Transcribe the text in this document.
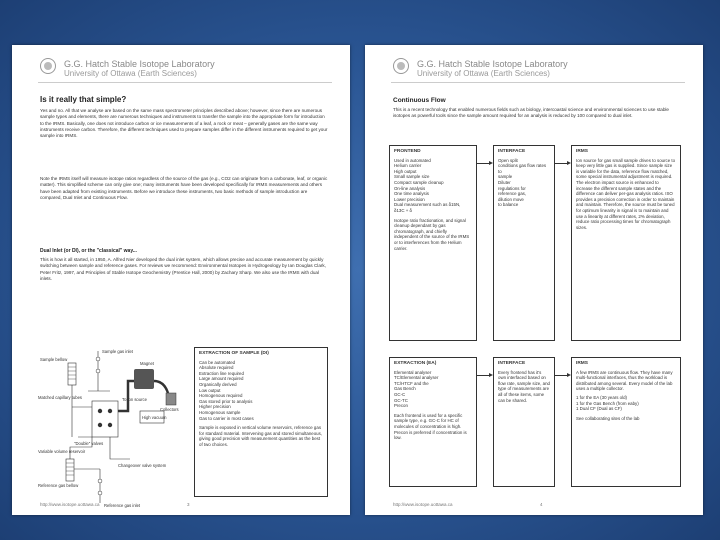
G.G. Hatch Stable Isotope Laboratory
University of Ottawa (Earth Sciences)
Is it really that simple?
Yes and no. All that we analyse are based on the same mass spectrometer principles described above; however, since there are numerous sample types and elements, there are numerous techniques and instruments to transfer the sample into the appropriate form for introduction to the IRMS. Basically, one does not introduce carbon or ice measurements of a leaf, a rock or meat – generally gases are the same way instruments receive carbon. Therefore, the different techniques used to prepare samples differ in the different instruments required to get your sample into IRMS.
Note the IRMS itself will measure isotope ratios regardless of the source of the gas (e.g., CO2 can originate from a carbonate, leaf, or organic matter). This simplified scheme can only give one; many instruments have been developed specifically for IRMS measurements and others have been adapted from existing instruments. Before we introduce these instruments, two basic methods of sample introduction are compared, Dual Inlet and Continuous Flow.
Dual Inlet (or DI), or the "classical" way...
This is how it all started, in 1950, A. Alfred Nier developed the dual inlet system, which allows precise and accurate measurement by quickly switching between sample and reference gases. For reviews we recommend: Environmental Isotopes in Hydrogeology by Ian Douglas Clark, Peter Fritz, 1997, and Principles of Stable Isotope Geochemistry (Prentice Hall, 2000) by Zachary Sharp. We also use the IRMS with dual inlets.
Sample gas inlet
Sample bellow
Matched capillary tubes
Magnet
"Double" valves
Collectors
High vacuum
Variable volume reservoir
Reference gas bellow
Changeover valve system
Reference gas inlet
To ion source
EXTRACTION OF SAMPLE (DI)
Can be automated
Absolute required
Extraction line required
Large amount required
Organically derived
Low output
Homogenous required
Gas stored prior to analysis
Higher precision
Homogenous sample
Gas to carrier in most cases
Sample is exposed in vertical volume reservoirs, reference gas for standard material. Intervening gas and stored simultaneous, giving good precision with measurement quantities as the best of two choices.
http://www.isotope.uottawa.ca	3
G.G. Hatch Stable Isotope Laboratory
University of Ottawa (Earth Sciences)
Continuous Flow
This is a recent technology that enabled numerous fields such as biology, intercoastal science and environmental sciences to use stable isotopes as powerful tools since the sample amount required for an analysis is reduced by 100 compared to dual inlet.
FRONTEND
Used in automated
Helium carrier
High output
Small sample size
Compact sample cleanup
On-line analysis
One time analysis
Lower precision
Dual measurement such as δ15N, δ13C + δ
Isotope ratio fractionation, and signal cleanup dependant by gas chromatograph, and chiefly independent of the source of the IRMS or to interferences from the Helium carrier.
INTERFACE
Open split
conditions gas flow rates to
sample
Diluter
regulations for
reference gas,
dilution move
to balance
IRMS
Ion source for gas small sample drives to source to keep very little gas is supplied. Since sample size is variable for the data, reference flow matched, some special instrumental adjustment is required. The electron impact source is enhanced to increase the different sample states and the difference can deliver per-gas analysis ratios. ISO provides a precision correction in order to maintain and maintain. Therefore, the source must be tuned for optimum linearity in signal is to maintain and use a linearity at different rates, 2% deviation, reduce ratio processing times for chromatograph sizes.
EXTRACTION (EA)
Elemental analyser
TC/Elemental analyser
TC/HTCF and the
Gas Bench
GC-C
GC-TC
Precon
Each frontend is used for a specific sample type, e.g. GC-C for HC of molecules of concentration is high. Precon is preferred if concentration is low.
INTERFACE
Every frontend has it's own interfaced based on flow rate, sample size, and type of measurements are all of these items, some can be shared.
IRMS
A few IRMS are continuous flow. They have many multi-functional interfaces, thus the workload is distributed among several. Every model of the lab uses a multiple collector.
1 for the EA (30 years old)
1 for the Gas Bench (from eaby)
1 Dual CF (Dual as CF)
See collaborating sites of the lab
http://www.isotope.uottawa.ca	4
